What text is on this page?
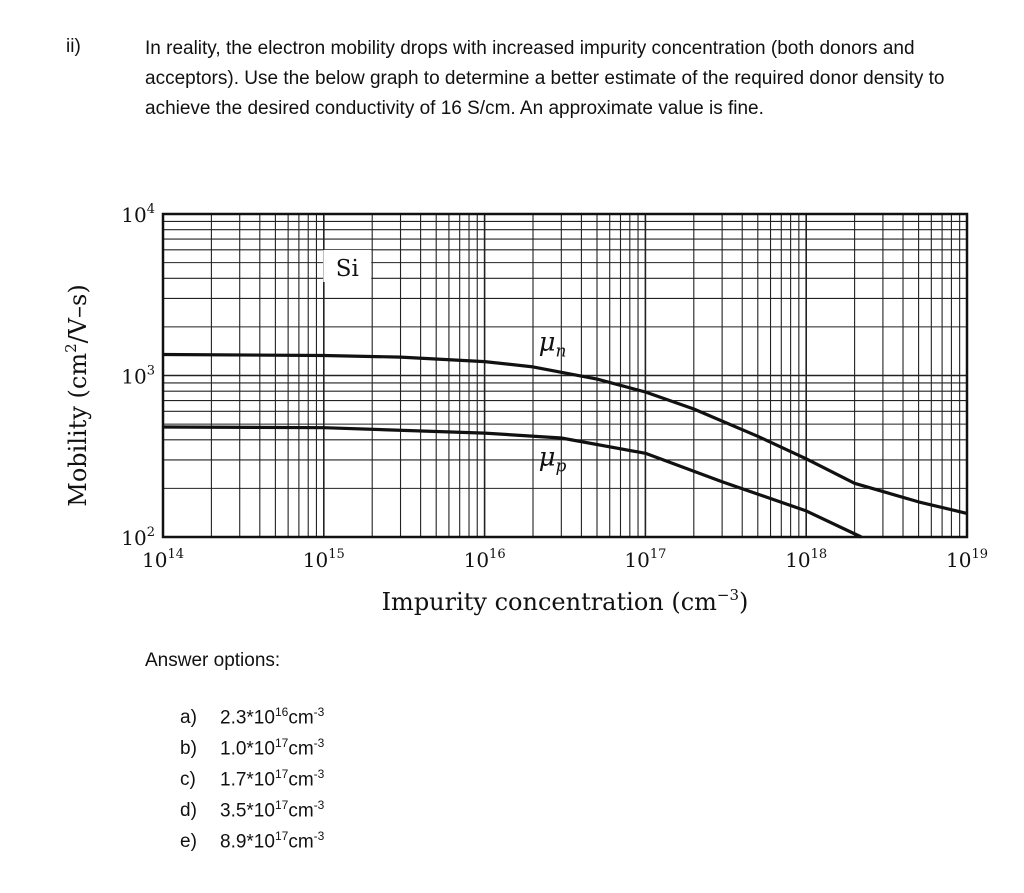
ii)	In reality, the electron mobility drops with increased impurity concentration (both donors and acceptors). Use the below graph to determine a better estimate of the required donor density to achieve the desired conductivity of 16 S/cm. An approximate value is fine.

$10^{14}$	$10^{15}$	$10^{16}$	$10^{17}$	$10^{18}$	$10^{19}$
$10^2$
$10^3$
$10^4$
$\mu_n$
$\mu_p$
Si
Impurity concentration $(cm^{-3})$
Mobility $(cm^2/V-s)$
Answer options:
a) $2.3*10^{16}cm^{-3}$
b) $1.0*10^{17}cm^{-3}$
c) $1.7*10^{17}cm^{-3}$
d) $3.5*10^{17}cm^{-3}$
e) $8.9*10^{17}cm^{-3}$
